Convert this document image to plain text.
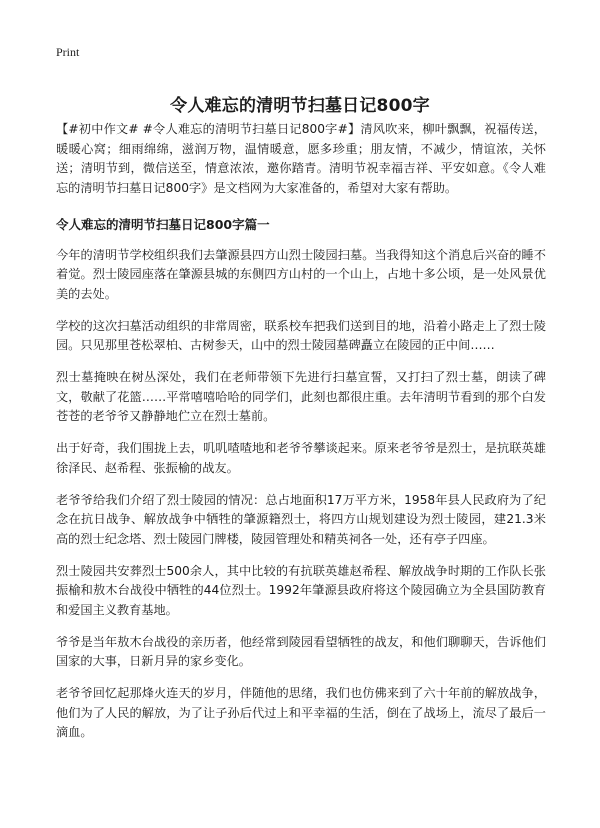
Print
令人难忘的清明节扫墓日记800字

【#初中作文# #令人难忘的清明节扫墓日记800字#】清风吹来，柳叶飘飘，祝福传送，暖暖心窝；细雨绵绵，滋润万物，温情暖意，愿多珍重；朋友情，不减少，情谊浓，关怀送；清明节到，微信送至，情意浓浓，邀你踏青。清明节祝幸福吉祥、平安如意。《令人难忘的清明节扫墓日记800字》是文档网为大家准备的，希望对大家有帮助。

令人难忘的清明节扫墓日记800字篇一

今年的清明节学校组织我们去肇源县四方山烈士陵园扫墓。当我得知这个消息后兴奋的睡不着觉。烈士陵园座落在肇源县城的东侧四方山村的一个山上，占地十多公顷，是一处风景优美的去处。

学校的这次扫墓活动组织的非常周密，联系校车把我们送到目的地，沿着小路走上了烈士陵园。只见那里苍松翠柏、古树参天，山中的烈士陵园墓碑矗立在陵园的正中间……

烈士墓掩映在树丛深处，我们在老师带领下先进行扫墓宣誓，又打扫了烈士墓，朗读了碑文，敬献了花篮……平常嘻嘻哈哈的同学们，此刻也都很庄重。去年清明节看到的那个白发苍苍的老爷爷又静静地伫立在烈士墓前。

出于好奇，我们围拢上去，叽叽喳喳地和老爷爷攀谈起来。原来老爷爷是烈士，是抗联英雄徐泽民、赵希程、张振榆的战友。

老爷爷给我们介绍了烈士陵园的情况：总占地面积17万平方米，1958年县人民政府为了纪念在抗日战争、解放战争中牺牲的肇源籍烈士，将四方山规划建设为烈士陵园，建21.3米高的烈士纪念塔、烈士陵园门牌楼，陵园管理处和精英祠各一处，还有亭子四座。

烈士陵园共安葬烈士500余人，其中比较的有抗联英雄赵希程、解放战争时期的工作队长张振榆和敖木台战役中牺牲的44位烈士。1992年肇源县政府将这个陵园确立为全县国防教育和爱国主义教育基地。

爷爷是当年敖木台战役的亲历者，他经常到陵园看望牺牲的战友，和他们聊聊天，告诉他们国家的大事，日新月异的家乡变化。

老爷爷回忆起那烽火连天的岁月，伴随他的思绪，我们也仿佛来到了六十年前的解放战争，他们为了人民的解放，为了让子孙后代过上和平幸福的生活，倒在了战场上，流尽了最后一滴血。
